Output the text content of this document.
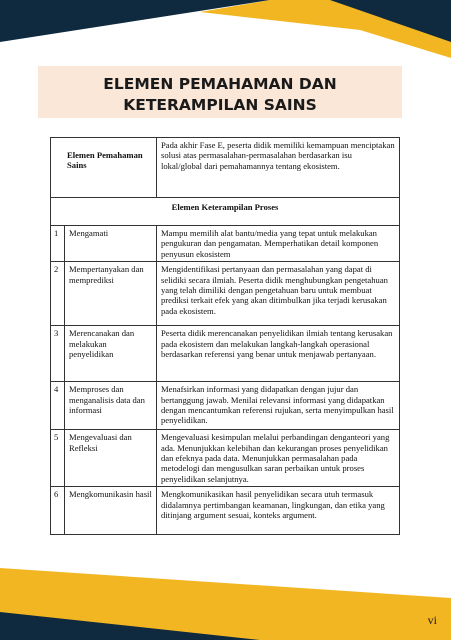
ELEMEN PEMAHAMAN DAN KETERAMPILAN SAINS
Elemen Pemahaman Sains		Pada akhir Fase E, peserta didik memiliki kemampuan menciptakan solusi atas permasalahan-permasalahan berdasarkan isu lokal/global dari pemahamannya tentang ekosistem.
Elemen Keterampilan Proses		
1	Mengamati	Mampu memilih alat bantu/media yang tepat untuk melakukan pengukuran dan pengamatan. Memperhatikan detail komponen penyusun ekosistem
2	Mempertanyakan dan memprediksi	Mengidentifikasi pertanyaan dan permasalahan yang dapat di selidiki secara ilmiah. Peserta didik menghubungkan pengetahuan yang telah dimiliki dengan pengetahuan baru untuk membuat prediksi terkait efek yang akan ditimbulkan jika terjadi kerusakan pada ekosistem.
3	Merencanakan dan melakukan penyelidikan	Peserta didik merencanakan penyelidikan ilmiah tentang kerusakan pada ekosistem dan melakukan langkah-langkah operasional berdasarkan referensi yang benar untuk menjawab pertanyaan.
4	Memproses dan menganalisis data dan informasi	Menafsirkan informasi yang didapatkan dengan jujur dan bertanggung jawab. Menilai relevansi informasi yang didapatkan dengan mencantumkan referensi rujukan, serta menyimpulkan hasil penyelidikan.
5	Mengevaluasi dan Refleksi	Mengevaluasi kesimpulan melalui perbandingan denganteori yang ada. Menunjukkan kelebihan dan kekurangan proses penyelidikan dan efeknya pada data. Menunjukkan permasalahan pada metodelogi dan mengusulkan saran perbaikan untuk proses penyelidikan selanjutnya.
6	Mengkomunikasin hasil	Mengkomunikasikan hasil penyelidikan secara utuh termasuk didalamnya pertimbangan keamanan, lingkungan, dan etika yang ditinjang argument sesuai, konteks argument.
vi
